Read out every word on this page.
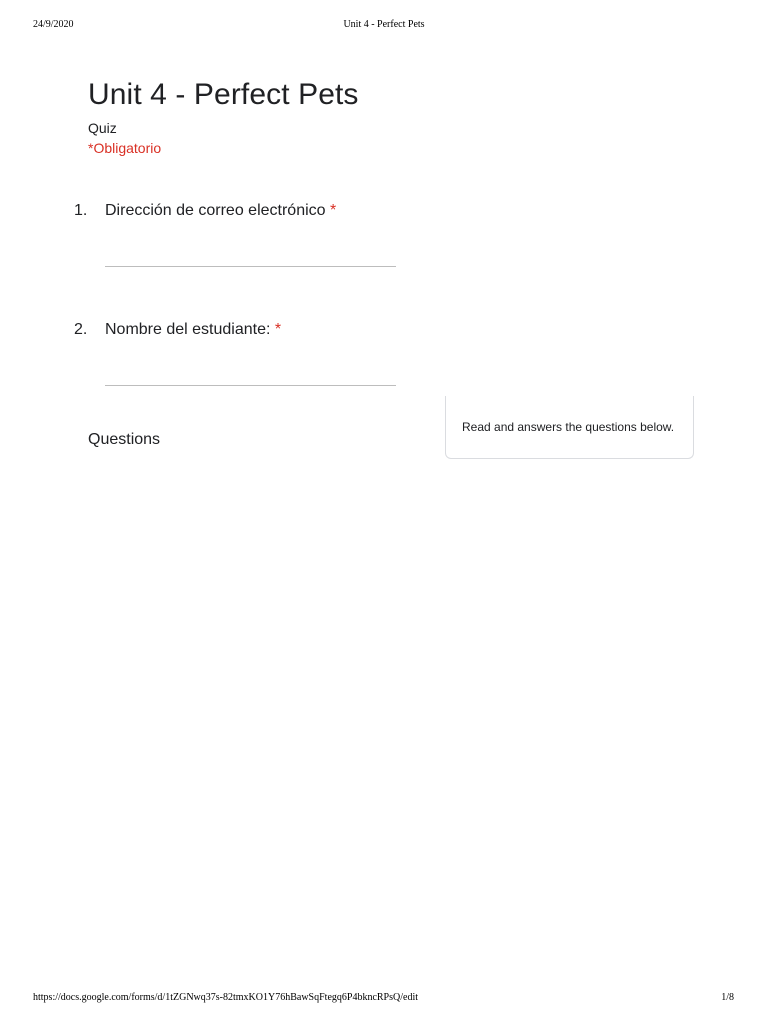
24/9/2020	Unit 4 - Perfect Pets
Unit 4 - Perfect Pets
Quiz
*Obligatorio
1. Dirección de correo electrónico *
2. Nombre del estudiante: *
Questions
Read and answers the questions below.
https://docs.google.com/forms/d/1tZGNwq37s-82tmxKO1Y76hBawSqFtegq6P4bkncRPsQ/edit	1/8
